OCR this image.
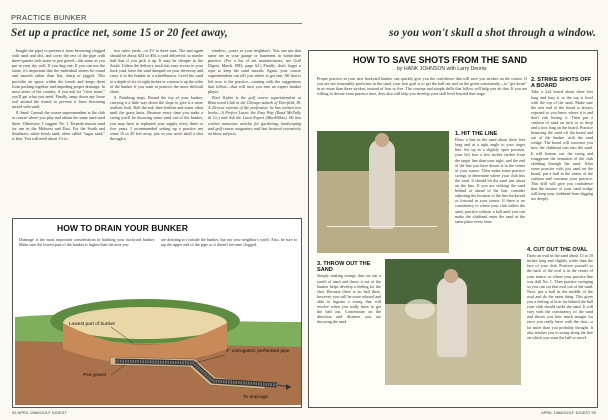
PRACTICE BUNKER
Set up a practice net, some 15 or 20 feet away,	so you won't skull a shot through a window.

bought the pipe) to prevent it from becoming clogged with sand and dirt, and cover the rest of the pipe with three-quarter inch stone or pea gravel—the same as you put in your dry well. If you dug one. If you can use the stone, it's important that the individual stones be round and smooth rather than flat, sharp or jagged. This provides air space within the trench and keeps them from packing together and impeding proper drainage. In most areas of the country, if you ask for "river stone," you'll get what you need. Finally, tamp down any loose soil around the trench to prevent it from becoming mixed with sand.

8. Sand. Consult the course superintendent at the club or course where you play and obtain the same sand used there. Otherwise, I suggest No. 1 Torpedo mason sand for use in the Midwest and East. For the South and Southeast, white beach sand, often called "sugar sand," is best. You will need about 1½ to

two cubic yards—or 2½ to three tons. The unit again should be about $24 to $54 a yard delivered, so maybe half that if you pick it up. It may be cheaper in the South. Unless the delivery truck has easy access to your back yard, have the sand dumped on your driveway and carry it to the bunker in a wheelbarrow. Level the sand to a depth of six to eight inches or contour it up the sides of the bunker if you want to practice the more difficult shots.

9. Finishing steps. Round the top of your bunker, carrying it a little way down the slope to give it a more realistic look. Roll the sod, then fertilize and water often until the grass knits. Because every time you make a swing you'll be throwing some sand out of the bunker, you may have to replenish your supply every three or five years. I recommended setting up a practice net some 15 or 20 feet away, just so you won't skull a shot through a

window—yours or your neighbor's. You can use that same net in your garage or basement in wintertime practice. (For a list of net manufacturers, see Golf Digest, March 1983, page 62.) Finally, don't forget a rope to keep the sand smooth. Again, your course superintendent can tell you where to get one. All that is left now is the practice—starting with the suggestions that follow—that will turn you into an expert bunker player.

Paul Voykin is the golf course superintendent at Briarwood Club in the Chicago suburb of Deerfield, Ill. A 26-year veteran of the profession, he has written two books—A Perfect Lawn: the Easy Way (Rand McNally & Co.) and Ask the Lawn Expert (MacMillan). He has written numerous articles for gardening, landscaping and golf course magazines and has lectured extensively on those subjects.

HOW TO DRAIN YOUR BUNKER
Drainage is the most important consideration in building your backyard bunker. Make sure the lowest part of the bunker is higher than the area you
are draining to (outside the bunker, but not your neighbor's yard). Also, be sure to tap the upper end of the pipe so it doesn't become clogged.
Lowest part of bunker
4" corrugated, perforated pipe
Pea gravel
To drainage
HOW TO SAVE SHOTS FROM THE SAND
by HANK JOHNSON with Larry Dennis
Proper practice in your new backyard bunker can quickly give you the confidence that will save you strokes on the course. If you are not reasonably proficient in the sand, your first goal is to get the ball out and on the green consistently—to "get down" in no more than three strokes, instead of four or five. The concept and simple drills that follow will help you do that. If you are willing to devote extra practice time, they also will help you develop your skill level beyond that stage.
1. HIT THE LINE
Draw a line in the sand about three feet long and at a right angle to your target line. Set up in a slightly open position, your left foot a few inches farther from the target line than your right, and the end of the line you have drawn is in the center of your stance. Then make some practice swings to determine where your club hits the sand. It should hit the sand just about on the line. If you are striking the sand behind or ahead of the line, consider adjusting the location of the line backward or forward in your stance. If there is no consistency to where your club strikes the sand, practice without a ball until you can make the clubhead enter the sand at the same place every time.
2. STRIKE SHOTS OFF A BOARD
Take a 2x4 board about three feet long and bury it so the top is level with the top of the sand. Make sure the rear end of the board is always exposed so you know where it is and don't risk hitting it. Then put a cushion of sand an inch or so deep and a foot long on the board. Practice bouncing the sand off the board and out of the bunker with the sand wedge. The board will convince you how the clubhead cuts into the sand. It will bottom out, the swing and exaggerate the sensation of the club skidding through the sand. After some practice with just sand on the board, put a ball in the center of the cushion and continue your practice. This drill will give you confidence that the bounce of your sand wedge will keep your clubhead from digging too deeply.
3. THROW OUT THE SAND
Simply making swings that cut out a swath of sand and throw it out of the bunker helps develop a feeling for the shot. Because there is no ball there, however, you will be more relaxed and able to ingrain a swing that will resolve when you really have to get the ball out. Concentrate on the direction and distance you are throwing the sand.
4. CUT OUT THE OVAL
Draw an oval in the sand about 15 to 18 inches long and slightly wider than the face of your club. Position yourself so the back of the oval is in the center of your stance, or where your practice line was drill No. 1. Then practice swinging so you can cut that oval out of the sand. Next, put a ball in the middle of the oval and do the same thing. This gives you a feeling of how far behind the ball your club should strike the sand. It will vary with the consistency of the sand and shows you how much margin for error you really have with the shot—a lot more than you probably thought. It also teaches you to swing along the line on which you want the ball to travel.
92 APRIL 1986/GOLF DIGEST	APRIL 1986/GOLF DIGEST 93
